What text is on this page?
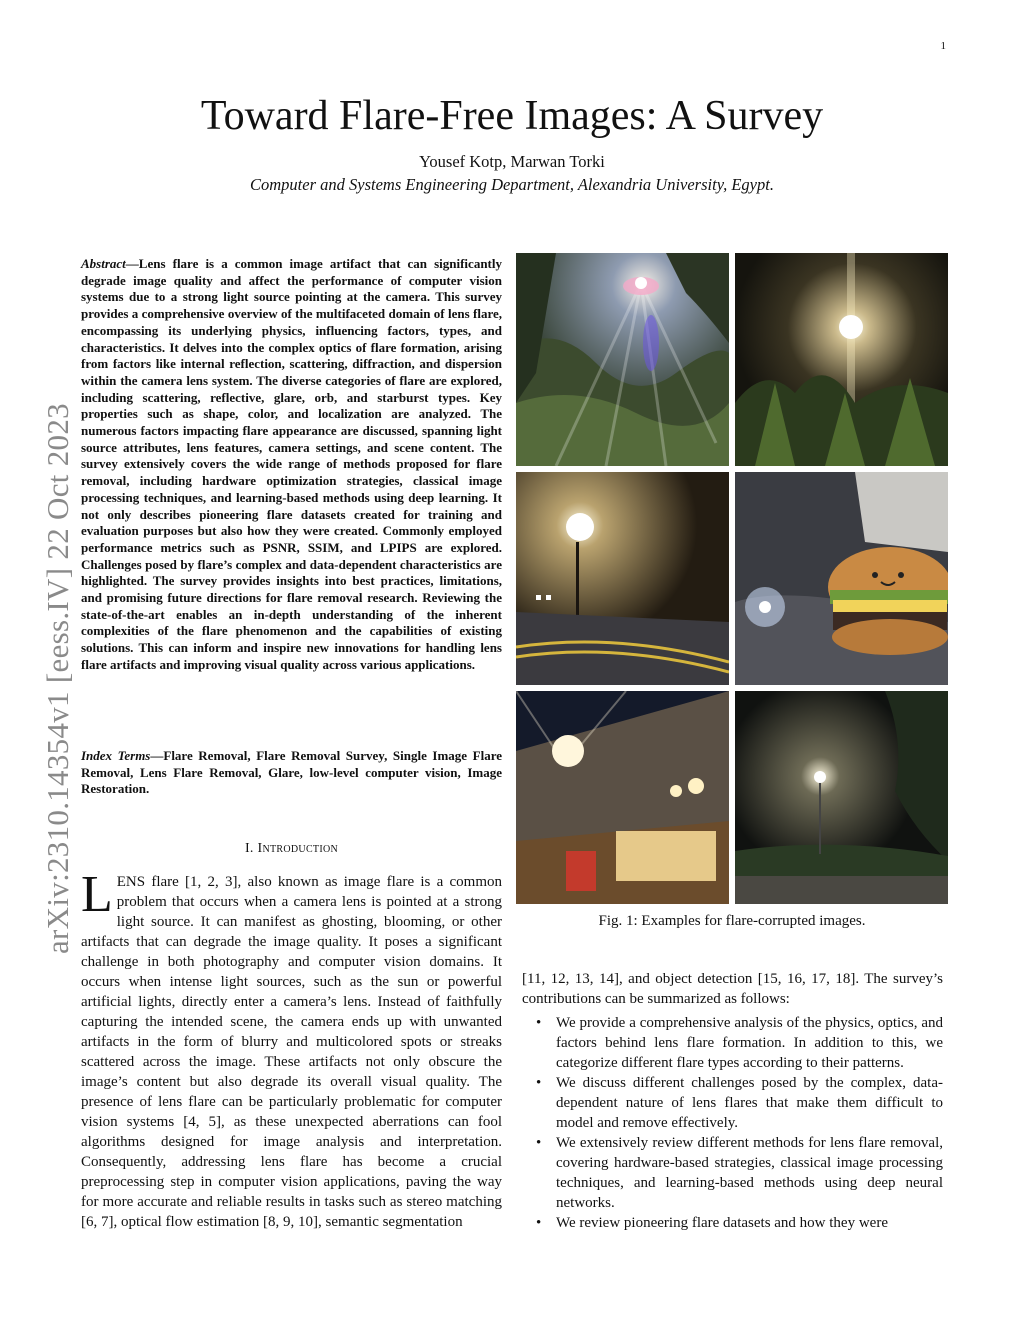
1
arXiv:2310.14354v1 [eess.IV] 22 Oct 2023
Toward Flare-Free Images: A Survey
Yousef Kotp, Marwan Torki
Computer and Systems Engineering Department, Alexandria University, Egypt.

Abstract—Lens flare is a common image artifact that can significantly degrade image quality and affect the performance of computer vision systems due to a strong light source pointing at the camera. This survey provides a comprehensive overview of the multifaceted domain of lens flare, encompassing its underlying physics, influencing factors, types, and characteristics. It delves into the complex optics of flare formation, arising from factors like internal reflection, scattering, diffraction, and dispersion within the camera lens system. The diverse categories of flare are explored, including scattering, reflective, glare, orb, and starburst types. Key properties such as shape, color, and localization are analyzed. The numerous factors impacting flare appearance are discussed, spanning light source attributes, lens features, camera settings, and scene content. The survey extensively covers the wide range of methods proposed for flare removal, including hardware optimization strategies, classical image processing techniques, and learning-based methods using deep learning. It not only describes pioneering flare datasets created for training and evaluation purposes but also how they were created. Commonly employed performance metrics such as PSNR, SSIM, and LPIPS are explored. Challenges posed by flare’s complex and data-dependent characteristics are highlighted. The survey provides insights into best practices, limitations, and promising future directions for flare removal research. Reviewing the state-of-the-art enables an in-depth understanding of the inherent complexities of the flare phenomenon and the capabilities of existing solutions. This can inform and inspire new innovations for handling lens flare artifacts and improving visual quality across various applications.

Index Terms—Flare Removal, Flare Removal Survey, Single Image Flare Removal, Lens Flare Removal, Glare, low-level computer vision, Image Restoration.

I. Introduction

LENS flare [1, 2, 3], also known as image flare is a common problem that occurs when a camera lens is pointed at a strong light source. It can manifest as ghosting, blooming, or other artifacts that can degrade the image quality. It poses a significant challenge in both photography and computer vision domains. It occurs when intense light sources, such as the sun or powerful artificial lights, directly enter a camera’s lens. Instead of faithfully capturing the intended scene, the camera ends up with unwanted artifacts in the form of blurry and multicolored spots or streaks scattered across the image. These artifacts not only obscure the image’s content but also degrade its overall visual quality. The presence of lens flare can be particularly problematic for computer vision systems [4, 5], as these unexpected aberrations can fool algorithms designed for image analysis and interpretation. Consequently, addressing lens flare has become a crucial preprocessing step in computer vision applications, paving the way for more accurate and reliable results in tasks such as stereo matching [6, 7], optical flow estimation [8, 9, 10], semantic segmentation

Fig. 1: Examples for flare-corrupted images.

[11, 12, 13, 14], and object detection [15, 16, 17, 18]. The survey’s contributions can be summarized as follows:

• We provide a comprehensive analysis of the physics, optics, and factors behind lens flare formation. In addition to this, we categorize different flare types according to their patterns.
• We discuss different challenges posed by the complex, data-dependent nature of lens flares that make them difficult to model and remove effectively.
• We extensively review different methods for lens flare removal, covering hardware-based strategies, classical image processing techniques, and learning-based methods using deep neural networks.
• We review pioneering flare datasets and how they were
